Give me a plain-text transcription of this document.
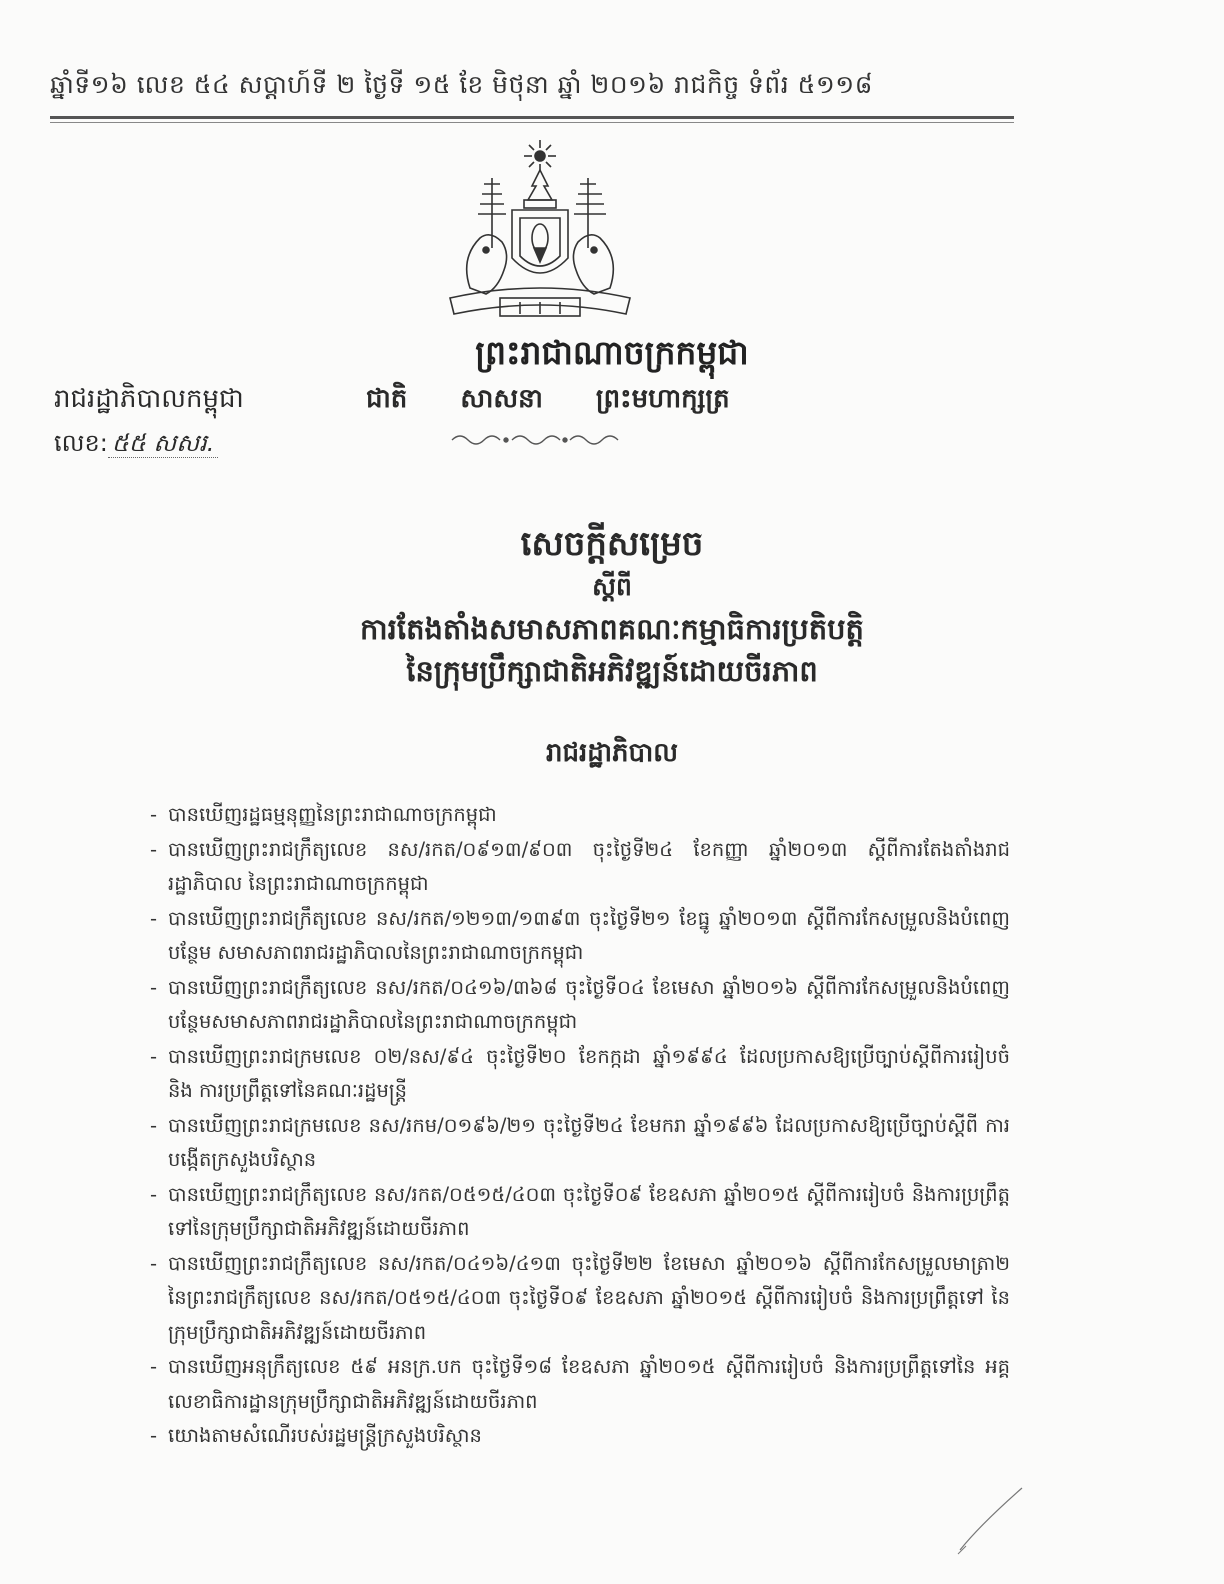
ឆ្នាំទី១៦ លេខ ៥៤ សប្តាហ៍ទី ២ ថ្ងៃទី ១៥ ខែ មិថុនា ឆ្នាំ ២០១៦ រាជកិច្ច ទំព័រ ៥១១៨
ព្រះរាជាណាចក្រកម្ពុជា
រាជរដ្ឋាភិបាលកម្ពុជា	ជាតិ សាសនា ព្រះមហាក្សត្រ
លេខ: ៥៥ សសរ.
សេចក្តីសម្រេច
ស្តីពី
ការតែងតាំងសមាសភាពគណៈកម្មាធិការប្រតិបត្តិ
នៃក្រុមប្រឹក្សាជាតិអភិវឌ្ឍន៍ដោយចីរភាព
រាជរដ្ឋាភិបាល
- បានឃើញរដ្ឋធម្មនុញ្ញនៃព្រះរាជាណាចក្រកម្ពុជា
- បានឃើញព្រះរាជក្រឹត្យលេខ នស/រកត/០៩១៣/៩០៣ ចុះថ្ងៃទី២៤ ខែកញ្ញា ឆ្នាំ២០១៣ ស្តីពីការតែងតាំងរាជរដ្ឋាភិបាល នៃព្រះរាជាណាចក្រកម្ពុជា
- បានឃើញព្រះរាជក្រឹត្យលេខ នស/រកត/១២១៣/១៣៩៣ ចុះថ្ងៃទី២១ ខែធ្នូ ឆ្នាំ២០១៣ ស្តីពីការកែសម្រួលនិងបំពេញបន្ថែម សមាសភាពរាជរដ្ឋាភិបាលនៃព្រះរាជាណាចក្រកម្ពុជា
- បានឃើញព្រះរាជក្រឹត្យលេខ នស/រកត/០៤១៦/៣៦៨ ចុះថ្ងៃទី០៤ ខែមេសា ឆ្នាំ២០១៦ ស្តីពីការកែសម្រួលនិងបំពេញ បន្ថែមសមាសភាពរាជរដ្ឋាភិបាលនៃព្រះរាជាណាចក្រកម្ពុជា
- បានឃើញព្រះរាជក្រមលេខ ០២/នស/៩៤ ចុះថ្ងៃទី២០ ខែកក្កដា ឆ្នាំ១៩៩៤ ដែលប្រកាសឱ្យប្រើច្បាប់ស្តីពីការរៀបចំ និង ការប្រព្រឹត្តទៅនៃគណៈរដ្ឋមន្ត្រី
- បានឃើញព្រះរាជក្រមលេខ នស/រកម/០១៩៦/២១ ចុះថ្ងៃទី២៤ ខែមករា ឆ្នាំ១៩៩៦ ដែលប្រកាសឱ្យប្រើច្បាប់ស្តីពី ការបង្កើតក្រសួងបរិស្ថាន
- បានឃើញព្រះរាជក្រឹត្យលេខ នស/រកត/០៥១៥/៤០៣ ចុះថ្ងៃទី០៩ ខែឧសភា ឆ្នាំ២០១៥ ស្តីពីការរៀបចំ និងការប្រព្រឹត្ត ទៅនៃក្រុមប្រឹក្សាជាតិអភិវឌ្ឍន៍ដោយចីរភាព
- បានឃើញព្រះរាជក្រឹត្យលេខ នស/រកត/០៤១៦/៤១៣ ចុះថ្ងៃទី២២ ខែមេសា ឆ្នាំ២០១៦ ស្តីពីការកែសម្រួលមាត្រា២ នៃព្រះរាជក្រឹត្យលេខ នស/រកត/០៥១៥/៤០៣ ចុះថ្ងៃទី០៩ ខែឧសភា ឆ្នាំ២០១៥ ស្តីពីការរៀបចំ និងការប្រព្រឹត្តទៅ នៃក្រុមប្រឹក្សាជាតិអភិវឌ្ឍន៍ដោយចីរភាព
- បានឃើញអនុក្រឹត្យលេខ ៥៩ អនក្រ.បក ចុះថ្ងៃទី១៨ ខែឧសភា ឆ្នាំ២០១៥ ស្តីពីការរៀបចំ និងការប្រព្រឹត្តទៅនៃ អគ្គលេខាធិការដ្ឋានក្រុមប្រឹក្សាជាតិអភិវឌ្ឍន៍ដោយចីរភាព
- យោងតាមសំណើរបស់រដ្ឋមន្ត្រីក្រសួងបរិស្ថាន
